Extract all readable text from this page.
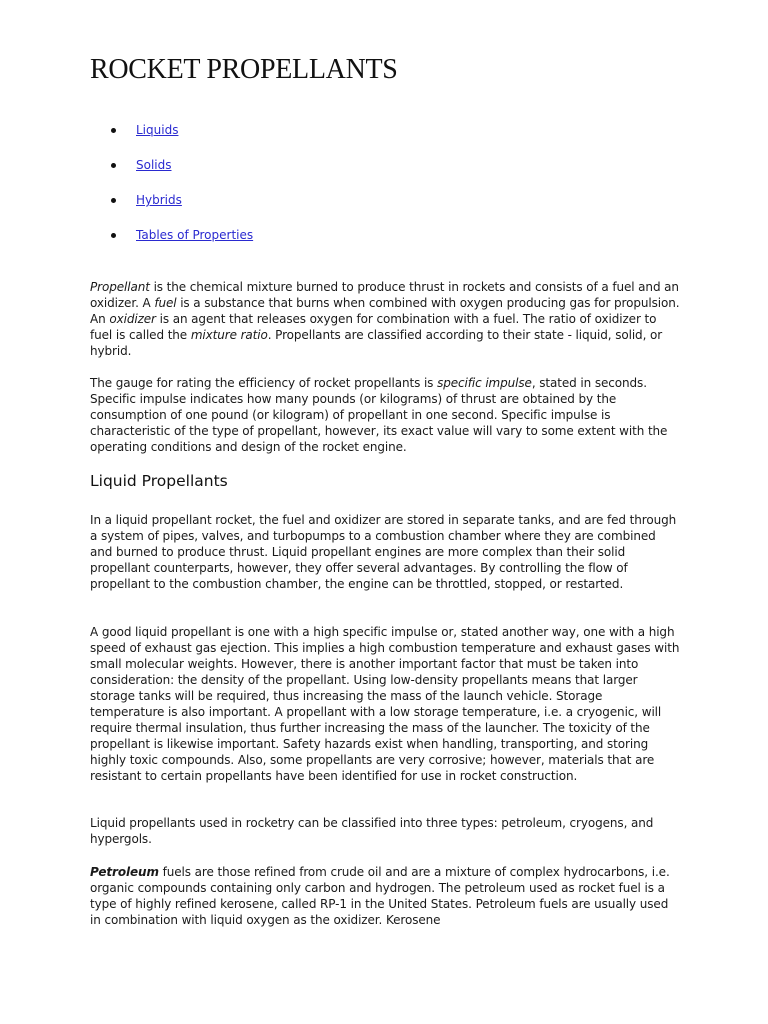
ROCKET PROPELLANTS
Liquids
Solids
Hybrids
Tables of Properties

Propellant is the chemical mixture burned to produce thrust in rockets and consists of a fuel and an oxidizer. A fuel is a substance that burns when combined with oxygen producing gas for propulsion. An oxidizer is an agent that releases oxygen for combination with a fuel. The ratio of oxidizer to fuel is called the mixture ratio. Propellants are classified according to their state - liquid, solid, or hybrid.

The gauge for rating the efficiency of rocket propellants is specific impulse, stated in seconds. Specific impulse indicates how many pounds (or kilograms) of thrust are obtained by the consumption of one pound (or kilogram) of propellant in one second. Specific impulse is characteristic of the type of propellant, however, its exact value will vary to some extent with the operating conditions and design of the rocket engine.

Liquid Propellants

In a liquid propellant rocket, the fuel and oxidizer are stored in separate tanks, and are fed through a system of pipes, valves, and turbopumps to a combustion chamber where they are combined and burned to produce thrust. Liquid propellant engines are more complex than their solid propellant counterparts, however, they offer several advantages. By controlling the flow of propellant to the combustion chamber, the engine can be throttled, stopped, or restarted.

A good liquid propellant is one with a high specific impulse or, stated another way, one with a high speed of exhaust gas ejection. This implies a high combustion temperature and exhaust gases with small molecular weights. However, there is another important factor that must be taken into consideration: the density of the propellant. Using low-density propellants means that larger storage tanks will be required, thus increasing the mass of the launch vehicle. Storage temperature is also important. A propellant with a low storage temperature, i.e. a cryogenic, will require thermal insulation, thus further increasing the mass of the launcher. The toxicity of the propellant is likewise important. Safety hazards exist when handling, transporting, and storing highly toxic compounds. Also, some propellants are very corrosive; however, materials that are resistant to certain propellants have been identified for use in rocket construction.

Liquid propellants used in rocketry can be classified into three types: petroleum, cryogens, and hypergols.

Petroleum fuels are those refined from crude oil and are a mixture of complex hydrocarbons, i.e. organic compounds containing only carbon and hydrogen. The petroleum used as rocket fuel is a type of highly refined kerosene, called RP-1 in the United States. Petroleum fuels are usually used in combination with liquid oxygen as the oxidizer. Kerosene
